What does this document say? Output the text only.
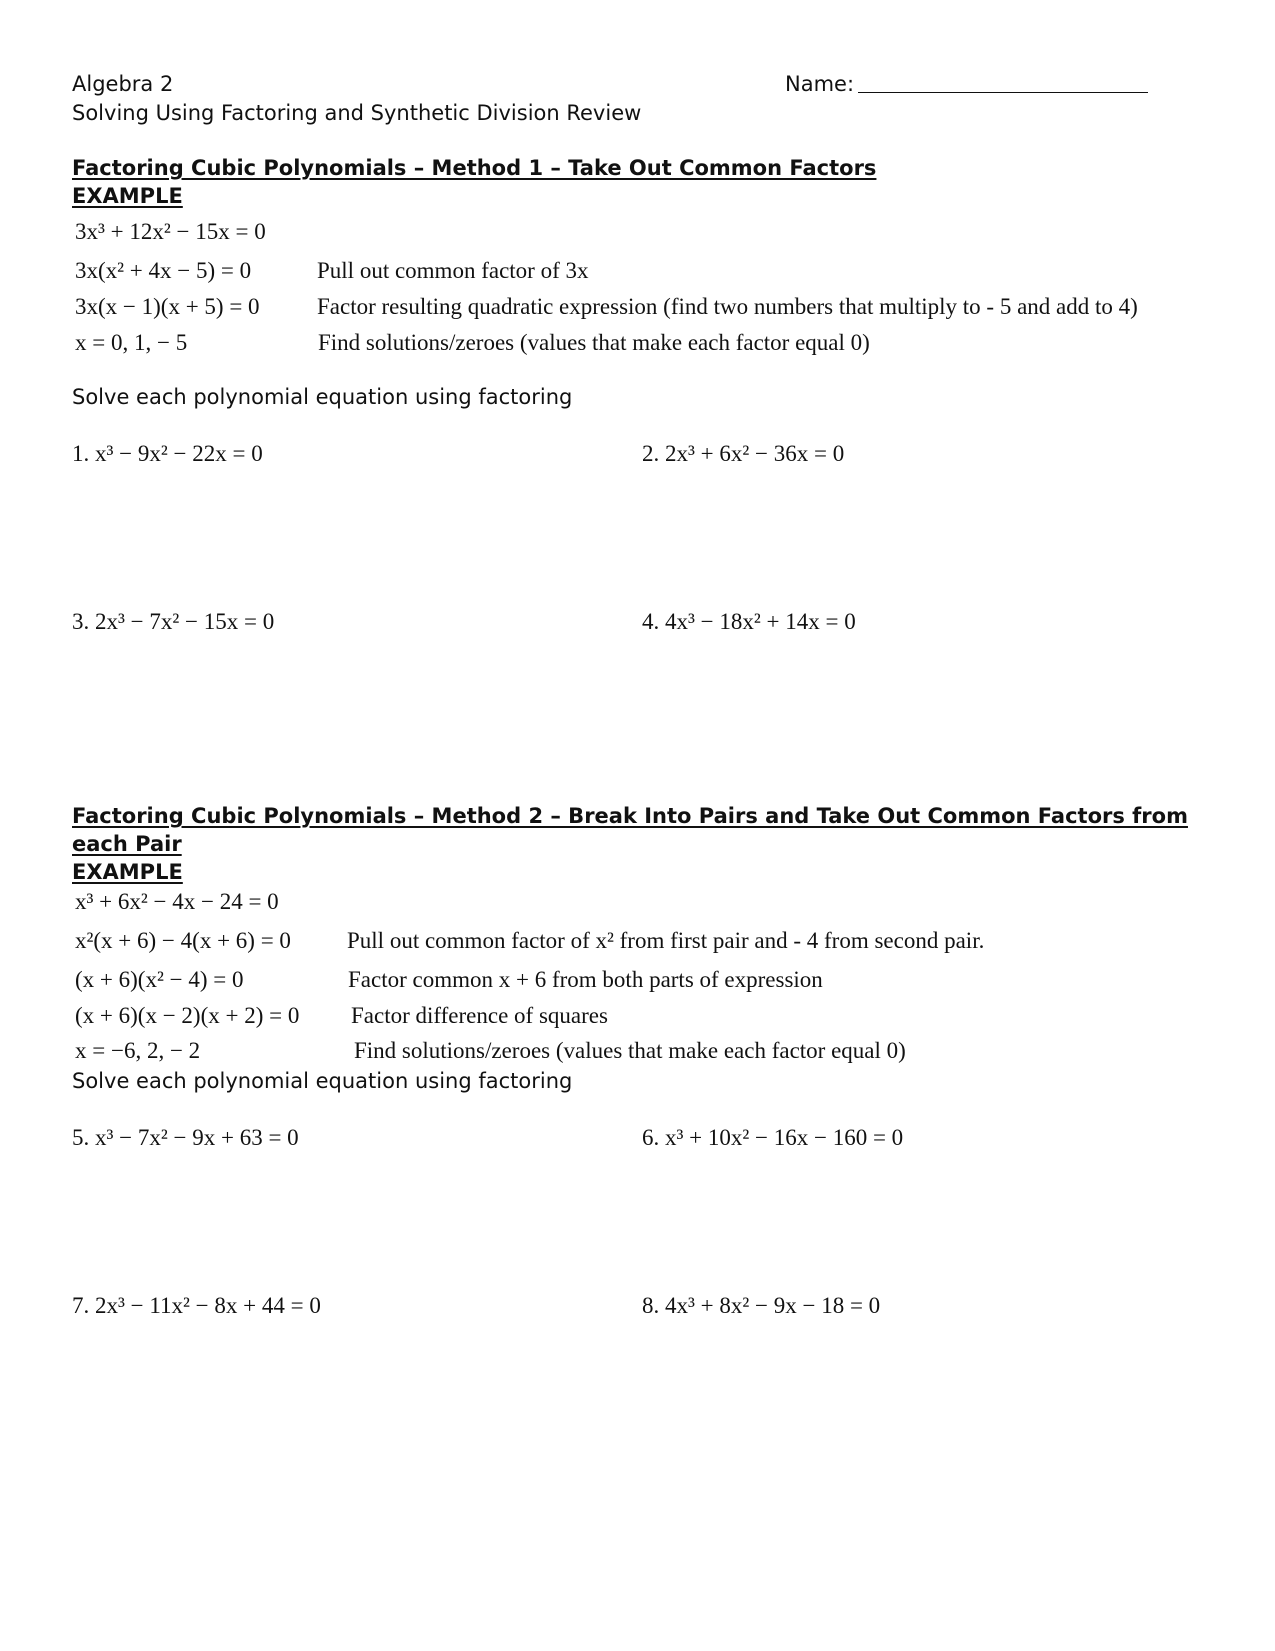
Algebra 2	Name:
Solving Using Factoring and Synthetic Division Review
Factoring Cubic Polynomials – Method 1 – Take Out Common Factors
EXAMPLE
3x³ + 12x² − 15x = 0
3x(x² + 4x − 5) = 0	Pull out common factor of 3x
3x(x − 1)(x + 5) = 0 Factor resulting quadratic expression (find two numbers that multiply to - 5 and add to 4)
x = 0, 1, − 5	Find solutions/zeroes (values that make each factor equal 0)
Solve each polynomial equation using factoring
1. x³ − 9x² − 22x = 0	2. 2x³ + 6x² − 36x = 0
3. 2x³ − 7x² − 15x = 0	4. 4x³ − 18x² + 14x = 0
Factoring Cubic Polynomials – Method 2 – Break Into Pairs and Take Out Common Factors from
each Pair
EXAMPLE
x³ + 6x² − 4x − 24 = 0
x²(x + 6) − 4(x + 6) = 0 Pull out common factor of x² from first pair and - 4 from second pair.
(x + 6)(x² − 4) = 0	Factor common x + 6 from both parts of expression
(x + 6)(x − 2)(x + 2) = 0 Factor difference of squares
x = −6, 2, − 2	Find solutions/zeroes (values that make each factor equal 0)
Solve each polynomial equation using factoring
5. x³ − 7x² − 9x + 63 = 0	6. x³ + 10x² − 16x − 160 = 0
7. 2x³ − 11x² − 8x + 44 = 0	8. 4x³ + 8x² − 9x − 18 = 0
